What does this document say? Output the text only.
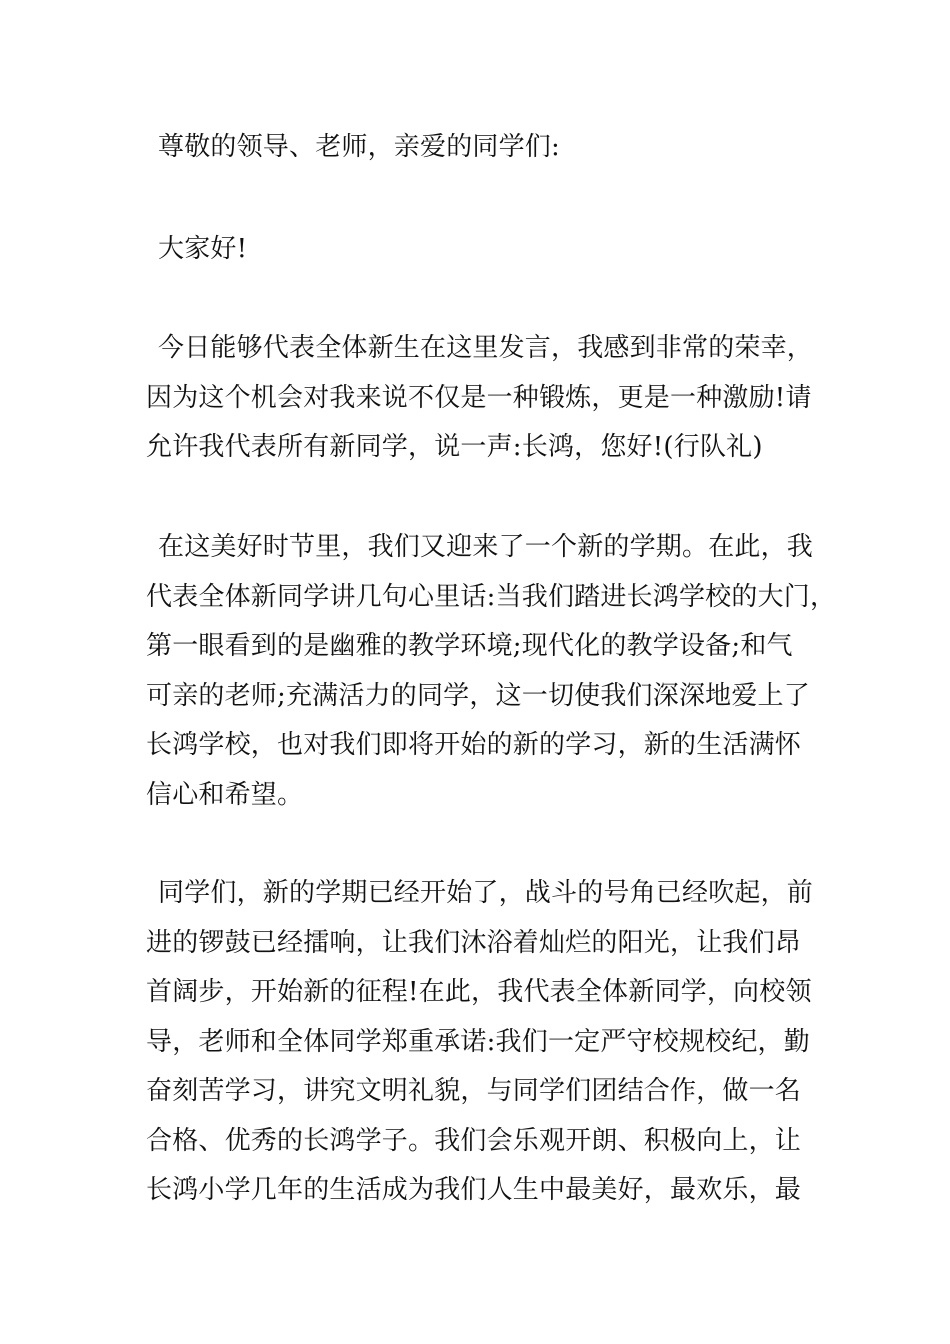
尊敬的领导、老师，亲爱的同学们:
大家好!
今日能够代表全体新生在这里发言，我感到非常的荣幸，
因为这个机会对我来说不仅是一种锻炼，更是一种激励!请
允许我代表所有新同学，说一声:长鸿，您好!(行队礼)
在这美好时节里，我们又迎来了一个新的学期。在此，我
代表全体新同学讲几句心里话:当我们踏进长鸿学校的大门，
第一眼看到的是幽雅的教学环境;现代化的教学设备;和气
可亲的老师;充满活力的同学，这一切使我们深深地爱上了
长鸿学校，也对我们即将开始的新的学习，新的生活满怀
信心和希望。
同学们，新的学期已经开始了，战斗的号角已经吹起，前
进的锣鼓已经擂响，让我们沐浴着灿烂的阳光，让我们昂
首阔步，开始新的征程!在此，我代表全体新同学，向校领
导，老师和全体同学郑重承诺:我们一定严守校规校纪，勤
奋刻苦学习，讲究文明礼貌，与同学们团结合作，做一名
合格、优秀的长鸿学子。我们会乐观开朗、积极向上，让
长鸿小学几年的生活成为我们人生中最美好，最欢乐，最
